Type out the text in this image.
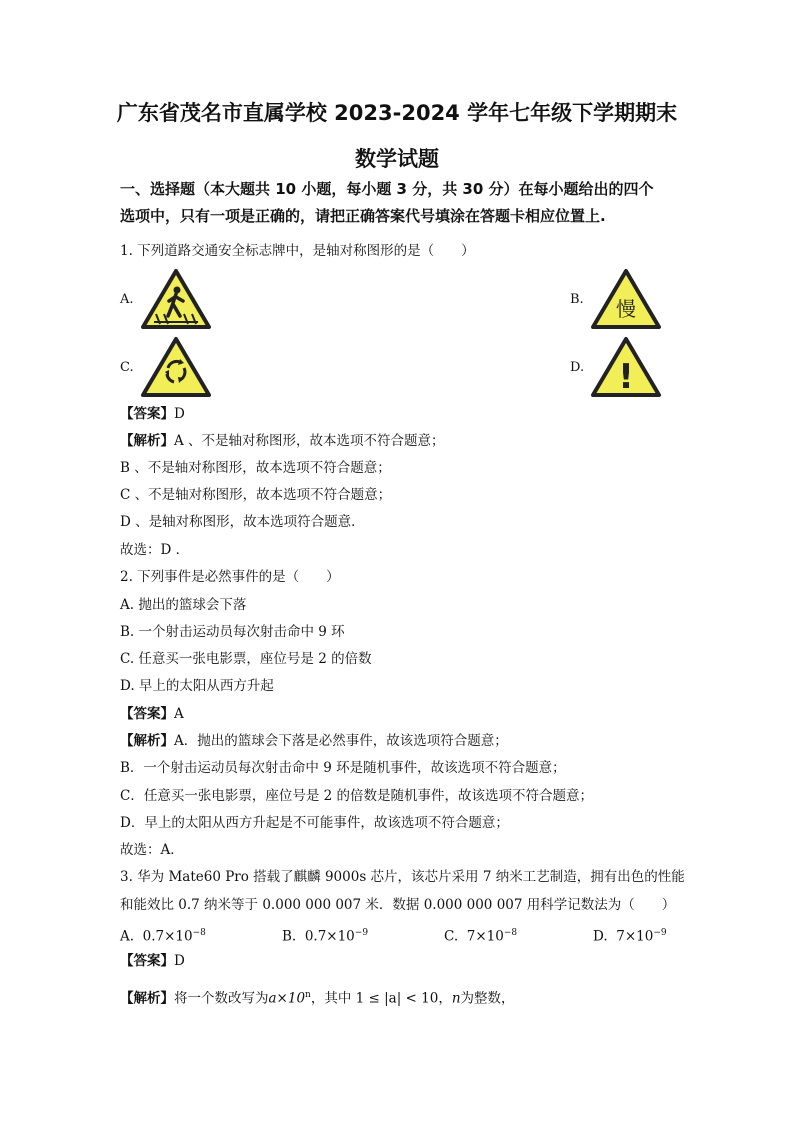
广东省茂名市直属学校 2023-2024 学年七年级下学期期末
数学试题
一、选择题（本大题共 10 小题，每小题 3 分，共 30 分）在每小题给出的四个
选项中，只有一项是正确的，请把正确答案代号填涂在答题卡相应位置上.
1. 下列道路交通安全标志牌中，是轴对称图形的是（　　）
A.	B. 慢
C.	D. !
【答案】D
【解析】A 、不是轴对称图形，故本选项不符合题意；
B 、不是轴对称图形，故本选项不符合题意；
C 、不是轴对称图形，故本选项不符合题意；
D 、是轴对称图形，故本选项符合题意．
故选：D ．
2. 下列事件是必然事件的是（　　）
A. 抛出的篮球会下落
B. 一个射击运动员每次射击命中 9 环
C. 任意买一张电影票，座位号是 2 的倍数
D. 早上的太阳从西方升起
【答案】A
【解析】A．抛出的篮球会下落是必然事件，故该选项符合题意；
B．一个射击运动员每次射击命中 9 环是随机事件，故该选项不符合题意；
C．任意买一张电影票，座位号是 2 的倍数是随机事件，故该选项不符合题意；
D．早上的太阳从西方升起是不可能事件，故该选项不符合题意；
故选：A．
3. 华为 Mate60 Pro 搭载了麒麟 9000s 芯片，该芯片采用 7 纳米工艺制造，拥有出色的性能
和能效比 0.7 纳米等于 0.000 000 007 米．数据 0.000 000 007 用科学记数法为（　　）
A. $0.7\times 10^{-8}$	B. $0.7\times 10^{-9}$	C. $7\times 10^{-8}$	D. $7\times 10^{-9}$
【答案】D
【解析】将一个数改写为$a\times 10^n$，其中 1 ≤ |a| < 10，n为整数，
